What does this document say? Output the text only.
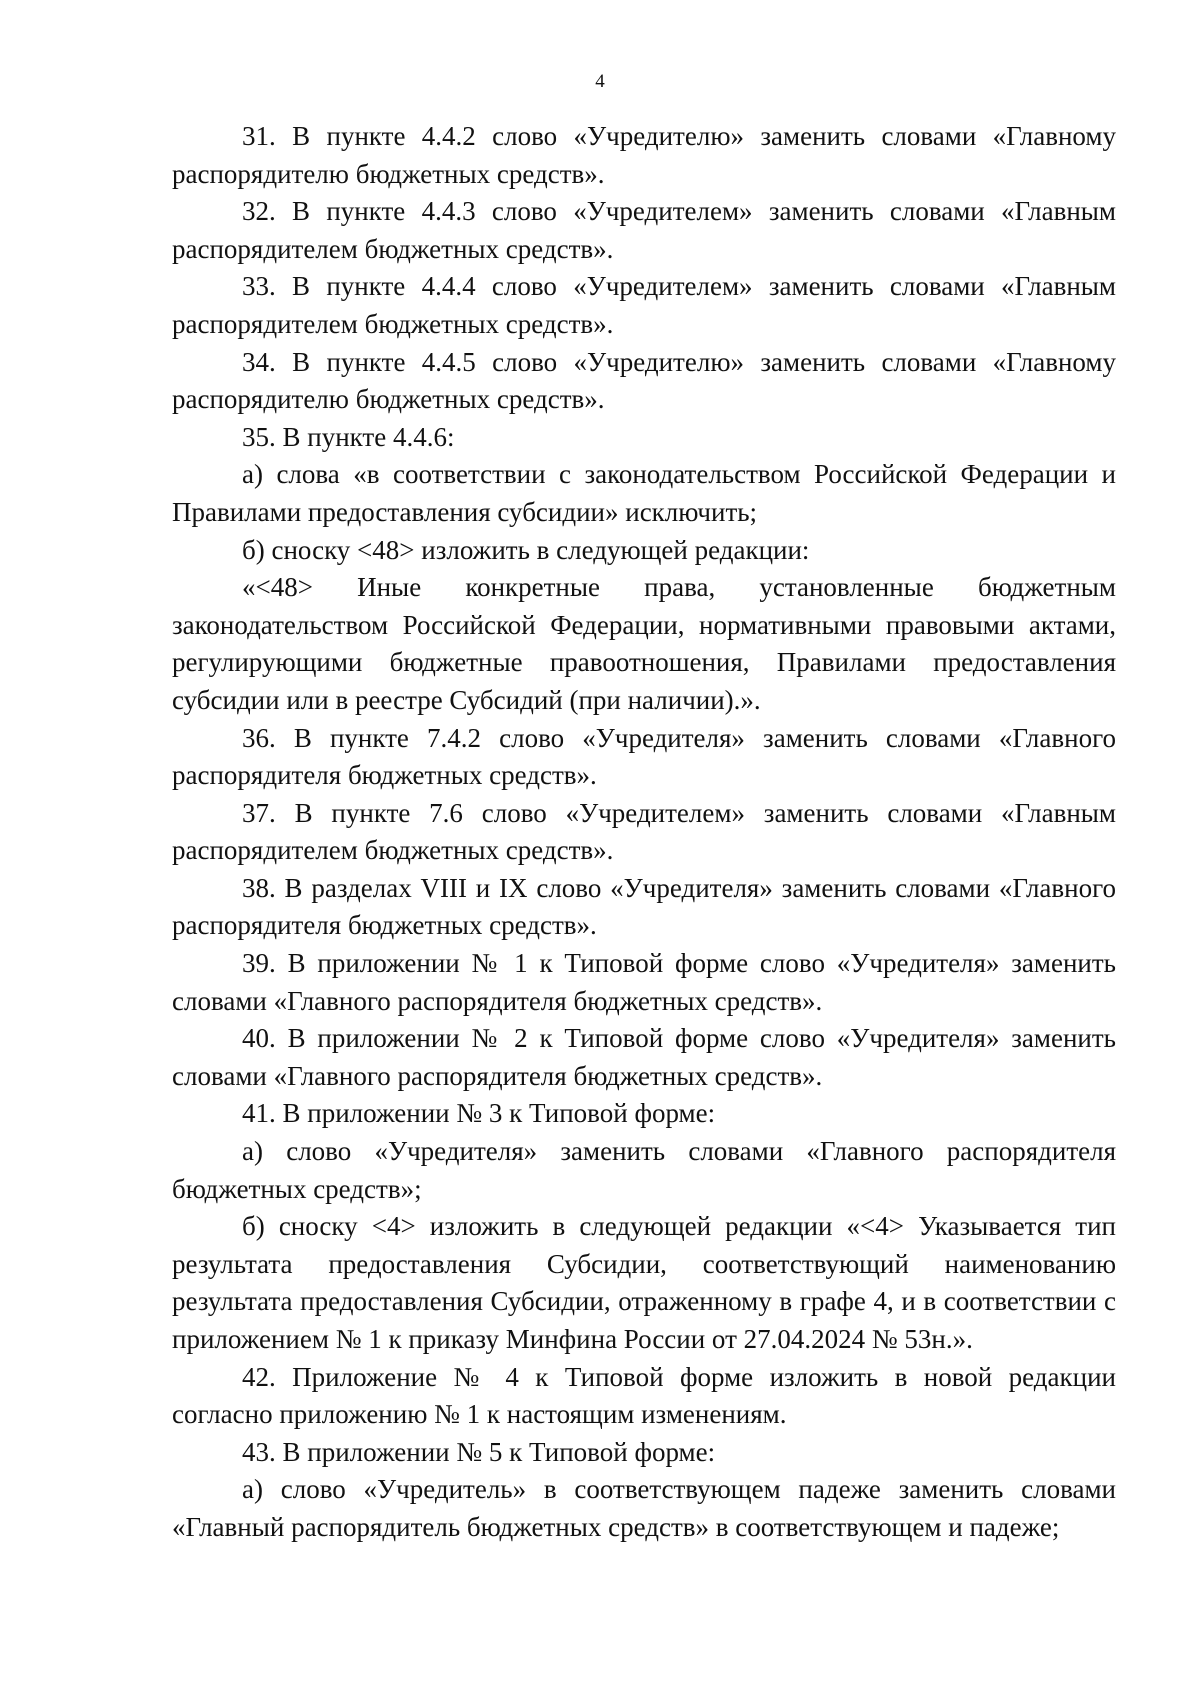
4

31. В пункте 4.4.2 слово «Учредителю» заменить словами «Главному распорядителю бюджетных средств».

32. В пункте 4.4.3 слово «Учредителем» заменить словами «Главным распорядителем бюджетных средств».

33. В пункте 4.4.4 слово «Учредителем» заменить словами «Главным распорядителем бюджетных средств».

34. В пункте 4.4.5 слово «Учредителю» заменить словами «Главному распорядителю бюджетных средств».

35. В пункте 4.4.6:

а) слова «в соответствии с законодательством Российской Федерации и Правилами предоставления субсидии» исключить;

б) сноску <48> изложить в следующей редакции:

«<48> Иные конкретные права, установленные бюджетным законодательством Российской Федерации, нормативными правовыми актами, регулирующими бюджетные правоотношения, Правилами предоставления субсидии или в реестре Субсидий (при наличии).».

36. В пункте 7.4.2 слово «Учредителя» заменить словами «Главного распорядителя бюджетных средств».

37. В пункте 7.6 слово «Учредителем» заменить словами «Главным распорядителем бюджетных средств».

38. В разделах VIII и IX слово «Учредителя» заменить словами «Главного распорядителя бюджетных средств».

39. В приложении № 1 к Типовой форме слово «Учредителя» заменить словами «Главного распорядителя бюджетных средств».

40. В приложении № 2 к Типовой форме слово «Учредителя» заменить словами «Главного распорядителя бюджетных средств».

41. В приложении № 3 к Типовой форме:

а) слово «Учредителя» заменить словами «Главного распорядителя бюджетных средств»;

б) сноску <4> изложить в следующей редакции «<4> Указывается тип результата предоставления Субсидии, соответствующий наименованию результата предоставления Субсидии, отраженному в графе 4, и в соответствии с приложением № 1 к приказу Минфина России от 27.04.2024 № 53н.».

42. Приложение № 4 к Типовой форме изложить в новой редакции согласно приложению № 1 к настоящим изменениям.

43. В приложении № 5 к Типовой форме:

а) слово «Учредитель» в соответствующем падеже заменить словами «Главный распорядитель бюджетных средств» в соответствующем и падеже;
